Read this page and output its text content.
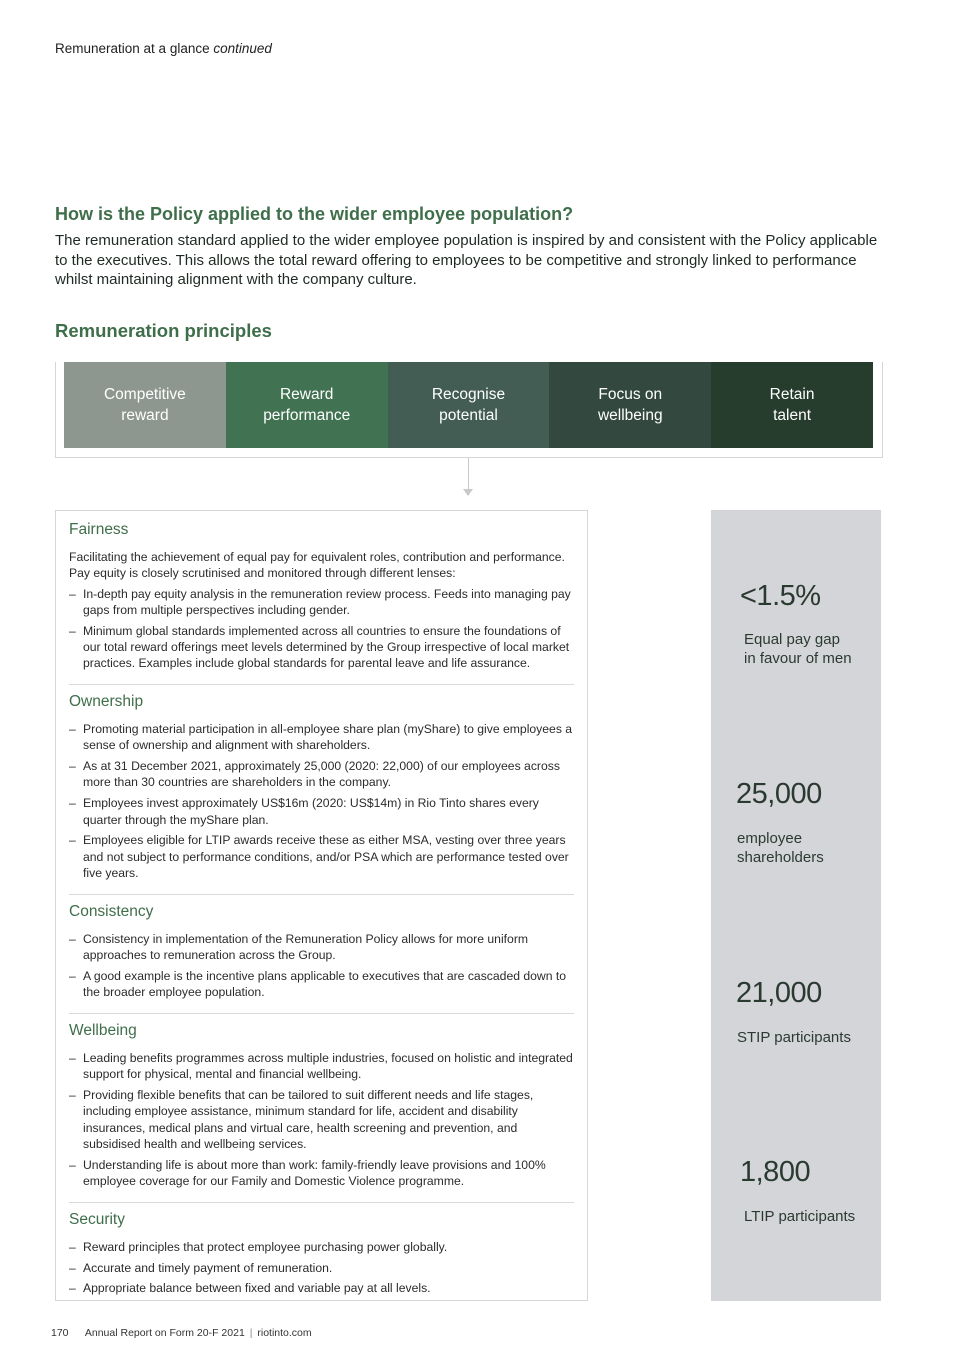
Remuneration at a glance continued
How is the Policy applied to the wider employee population?

The remuneration standard applied to the wider employee population is inspired by and consistent with the Policy applicable to the executives. This allows the total reward offering to employees to be competitive and strongly linked to performance whilst maintaining alignment with the company culture.

Remuneration principles
Competitive
reward
Reward
performance
Recognise
potential
Focus on
wellbeing
Retain
talent
Fairness

Facilitating the achievement of equal pay for equivalent roles, contribution and performance. Pay equity is closely scrutinised and monitored through different lenses:

– In-depth pay equity analysis in the remuneration review process. Feeds into managing pay gaps from multiple perspectives including gender.
– Minimum global standards implemented across all countries to ensure the foundations of our total reward offerings meet levels determined by the Group irrespective of local market practices. Examples include global standards for parental leave and life assurance.
Ownership
– Promoting material participation in all-employee share plan (myShare) to give employees a sense of ownership and alignment with shareholders.
– As at 31 December 2021, approximately 25,000 (2020: 22,000) of our employees across more than 30 countries are shareholders in the company.
– Employees invest approximately US$16m (2020: US$14m) in Rio Tinto shares every quarter through the myShare plan.
– Employees eligible for LTIP awards receive these as either MSA, vesting over three years and not subject to performance conditions, and/or PSA which are performance tested over five years.
Consistency
– Consistency in implementation of the Remuneration Policy allows for more uniform approaches to remuneration across the Group.
– A good example is the incentive plans applicable to executives that are cascaded down to the broader employee population.
Wellbeing
– Leading benefits programmes across multiple industries, focused on holistic and integrated support for physical, mental and financial wellbeing.
– Providing flexible benefits that can be tailored to suit different needs and life stages, including employee assistance, minimum standard for life, accident and disability insurances, medical plans and virtual care, health screening and prevention, and subsidised health and wellbeing services.
– Understanding life is about more than work: family-friendly leave provisions and 100% employee coverage for our Family and Domestic Violence programme.
Security
– Reward principles that protect employee purchasing power globally.
– Accurate and timely payment of remuneration.
– Appropriate balance between fixed and variable pay at all levels.
<1.5%
Equal pay gap
in favour of men
25,000
employee
shareholders
21,000
STIP participants
1,800
LTIP participants
170 Annual Report on Form 20-F 2021 | riotinto.com
